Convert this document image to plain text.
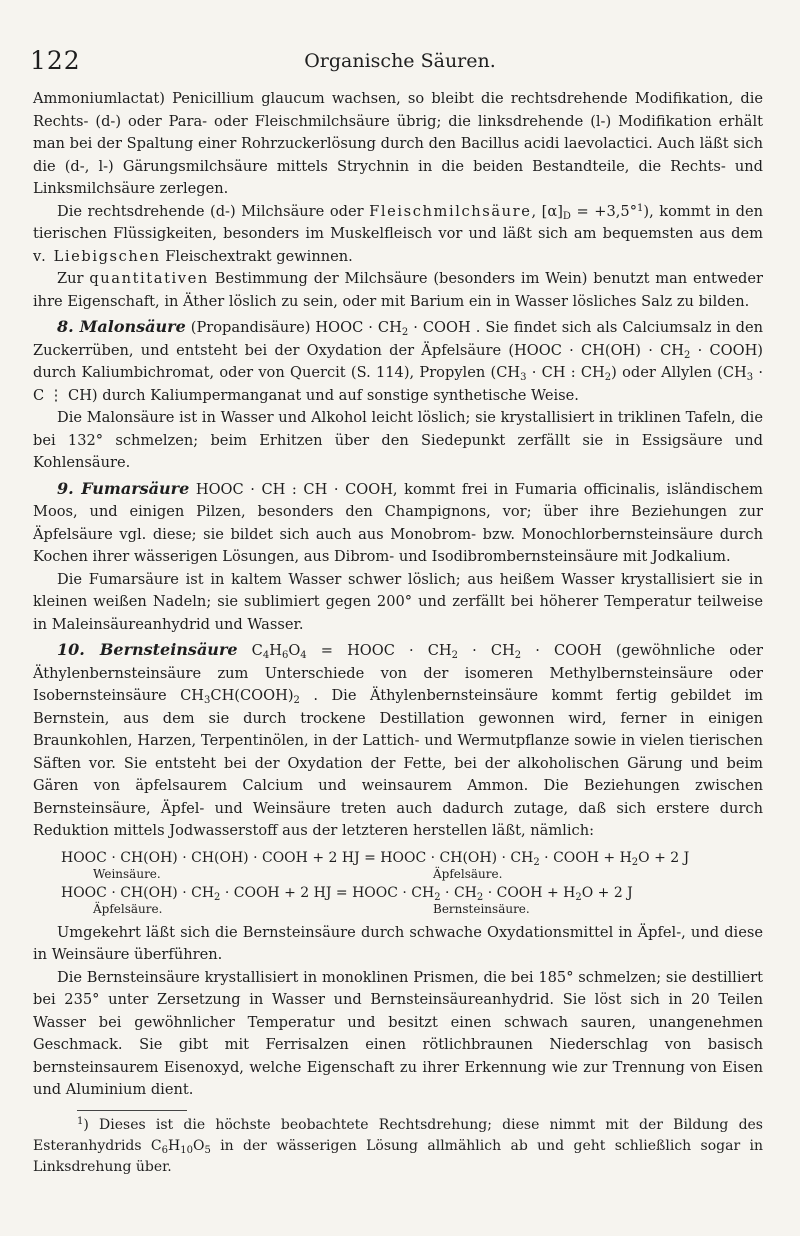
122	Organische Säuren.

Ammoniumlactat) Penicillium glaucum wachsen, so bleibt die rechtsdrehende Modifikation, die Rechts- (d-) oder Para- oder Fleischmilchsäure übrig; die linksdrehende (l-) Modifikation erhält man bei der Spaltung einer Rohrzuckerlösung durch den Bacillus acidi laevolactici. Auch läßt sich die (d-, l-) Gärungsmilchsäure mittels Strychnin in die beiden Bestandteile, die Rechts- und Linksmilchsäure zerlegen.

Die rechtsdrehende (d-) Milchsäure oder Fleischmilchsäure, $[\alpha]_D = +3,5^\circ^1$), kommt in den tierischen Flüssigkeiten, besonders im Muskelfleisch vor und läßt sich am bequemsten aus dem v. Liebigschen Fleischextrakt gewinnen.

Zur quantitativen Bestimmung der Milchsäure (besonders im Wein) benutzt man entweder ihre Eigenschaft, in Äther löslich zu sein, oder mit Barium ein in Wasser lösliches Salz zu bilden.

8. Malonsäure (Propandisäure) HOOC · $CH_2$ · COOH . Sie findet sich als Calciumsalz in den Zuckerrüben, und entsteht bei der Oxydation der Äpfelsäure (HOOC · $CH(OH) \cdot CH_2$ · COOH) durch Kaliumbichromat, oder von Quercit (S. 114), Propylen ($CH_3$ · CH : $CH_2$) oder Allylen ($CH_3 \cdot C$ ⋮ CH) durch Kaliumpermanganat und auf sonstige synthetische Weise.

Die Malonsäure ist in Wasser und Alkohol leicht löslich; sie krystallisiert in triklinen Tafeln, die bei 132° schmelzen; beim Erhitzen über den Siedepunkt zerfällt sie in Essigsäure und Kohlensäure.

9. Fumarsäure HOOC · CH : CH · COOH, kommt frei in Fumaria officinalis, isländischem Moos, und einigen Pilzen, besonders den Champignons, vor; über ihre Beziehungen zur Äpfelsäure vgl. diese; sie bildet sich auch aus Monobrom- bzw. Monochlorbernsteinsäure durch Kochen ihrer wässerigen Lösungen, aus Dibrom- und Isodibrombernsteinsäure mit Jodkalium.

Die Fumarsäure ist in kaltem Wasser schwer löslich; aus heißem Wasser krystallisiert sie in kleinen weißen Nadeln; sie sublimiert gegen 200° und zerfällt bei höherer Temperatur teilweise in Maleinsäureanhydrid und Wasser.

10. Bernsteinsäure $C_4H_6O_4$ = HOOC · $CH_2 \cdot CH_2$ · COOH (gewöhnliche oder Äthylenbernsteinsäure zum Unterschiede von der isomeren Methylbernsteinsäure oder Isobernsteinsäure $CH_3CH(COOH)_2$ . Die Äthylenbernsteinsäure kommt fertig gebildet im Bernstein, aus dem sie durch trockene Destillation gewonnen wird, ferner in einigen Braunkohlen, Harzen, Terpentinölen, in der Lattich- und Wermutpflanze sowie in vielen tierischen Säften vor. Sie entsteht bei der Oxydation der Fette, bei der alkoholischen Gärung und beim Gären von äpfelsaurem Calcium und weinsaurem Ammon. Die Beziehungen zwischen Bernsteinsäure, Äpfel- und Weinsäure treten auch dadurch zutage, daß sich erstere durch Reduktion mittels Jodwasserstoff aus der letzteren herstellen läßt, nämlich:

HOOC · CH(OH) · CH(OH) · COOH + 2 HJ = HOOC · $CH(OH) \cdot CH_2$ · COOH + $H_2O + 2$ J
Weinsäure.	Äpfelsäure.
HOOC · $CH(OH) \cdot CH_2$ · COOH + 2 HJ = HOOC · $CH_2 \cdot CH_2$ · COOH + $H_2O + 2$ J
Äpfelsäure.	Bernsteinsäure.

Umgekehrt läßt sich die Bernsteinsäure durch schwache Oxydationsmittel in Äpfel-, und diese in Weinsäure überführen.

Die Bernsteinsäure krystallisiert in monoklinen Prismen, die bei 185° schmelzen; sie destilliert bei 235° unter Zersetzung in Wasser und Bernsteinsäureanhydrid. Sie löst sich in 20 Teilen Wasser bei gewöhnlicher Temperatur und besitzt einen schwach sauren, unangenehmen Geschmack. Sie gibt mit Ferrisalzen einen rötlichbraunen Niederschlag von basisch bernsteinsaurem Eisenoxyd, welche Eigenschaft zu ihrer Erkennung wie zur Trennung von Eisen und Aluminium dient.

$^1$) Dieses ist die höchste beobachtete Rechtsdrehung; diese nimmt mit der Bildung des Esteranhydrids $C_6H_{10}O_5$ in der wässerigen Lösung allmählich ab und geht schließlich sogar in Linksdrehung über.
